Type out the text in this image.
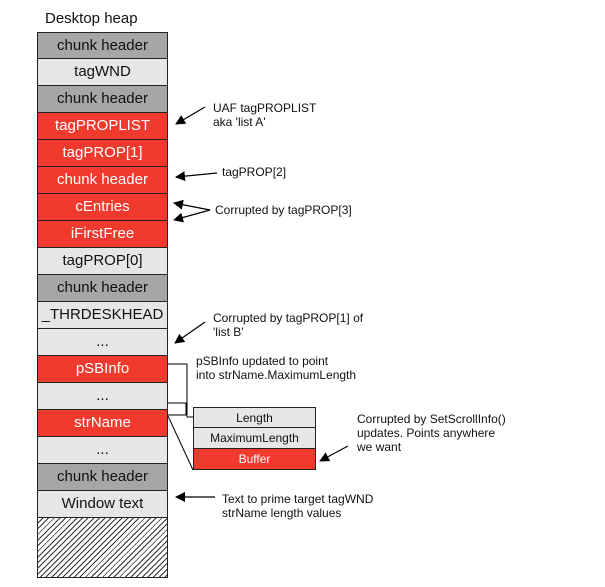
Desktop heap
chunk header
tagWND
chunk header
tagPROPLIST
tagPROP[1]
chunk header
cEntries
iFirstFree
tagPROP[0]
chunk header
_THRDESKHEAD
...
pSBInfo
...
strName
...
chunk header
Window text
Length
MaximumLength
Buffer
UAF tagPROPLIST
aka 'list A'
tagPROP[2]
Corrupted by tagPROP[3]
Corrupted by tagPROP[1] of
'list B'
pSBInfo updated to point
into strName.MaximumLength
Corrupted by SetScrollInfo()
updates. Points anywhere
we want
Text to prime target tagWND
strName length values
